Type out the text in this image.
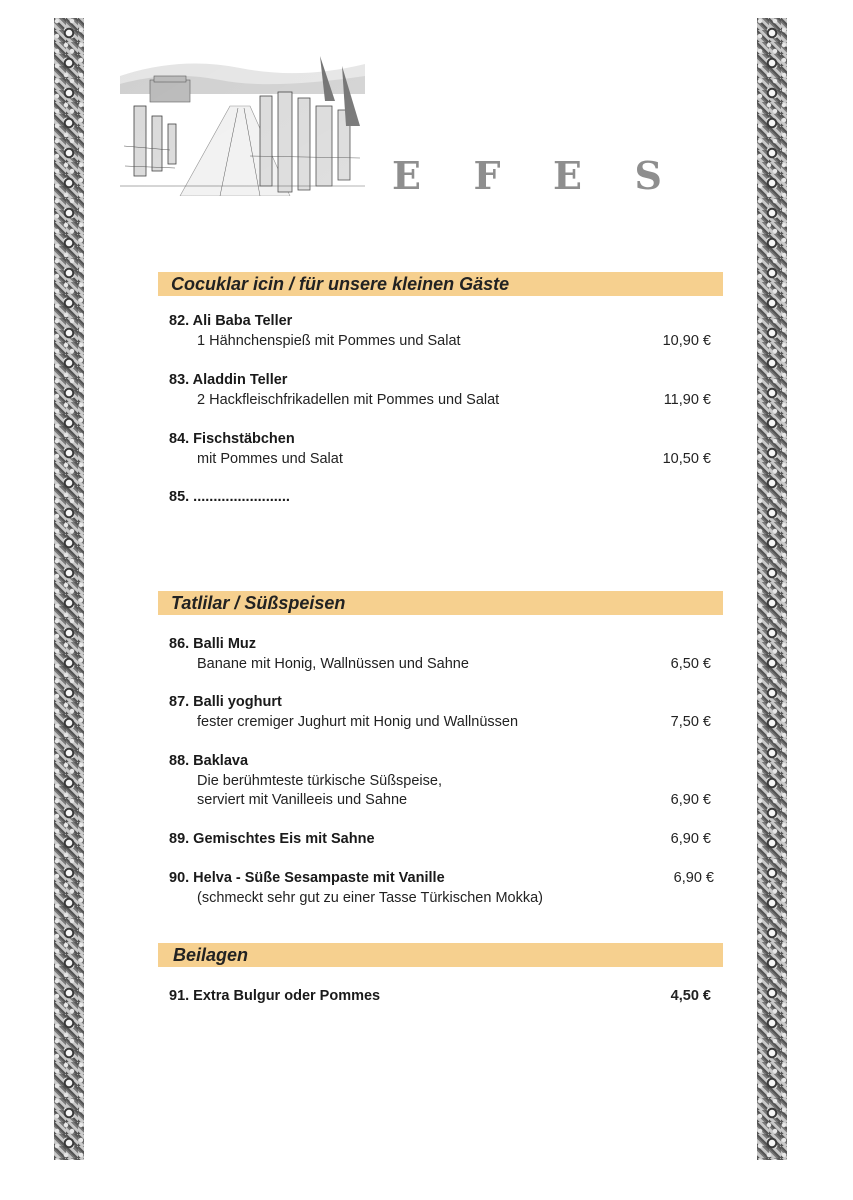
E F E S
Cocuklar icin / für unsere kleinen Gäste
82. Ali Baba Teller
1 Hähnchenspieß mit Pommes und Salat	10,90 €
83. Aladdin Teller
2 Hackfleischfrikadellen mit Pommes und Salat	11,90 €
84. Fischstäbchen
mit Pommes und Salat	10,50 €
85. ........................
Tatlilar / Süßspeisen
86. Balli Muz
Banane mit Honig, Wallnüssen und Sahne	6,50 €
87. Balli yoghurt
fester cremiger Jughurt mit Honig und Wallnüssen	7,50 €
88. Baklava
Die berühmteste türkische Süßspeise,
serviert mit Vanilleeis und Sahne	6,90 €
89. Gemischtes Eis mit Sahne	6,90 €
90. Helva - Süße Sesampaste mit Vanille	6,90 €
(schmeckt sehr gut zu einer Tasse Türkischen Mokka)
Beilagen
91. Extra Bulgur oder Pommes	4,50 €
